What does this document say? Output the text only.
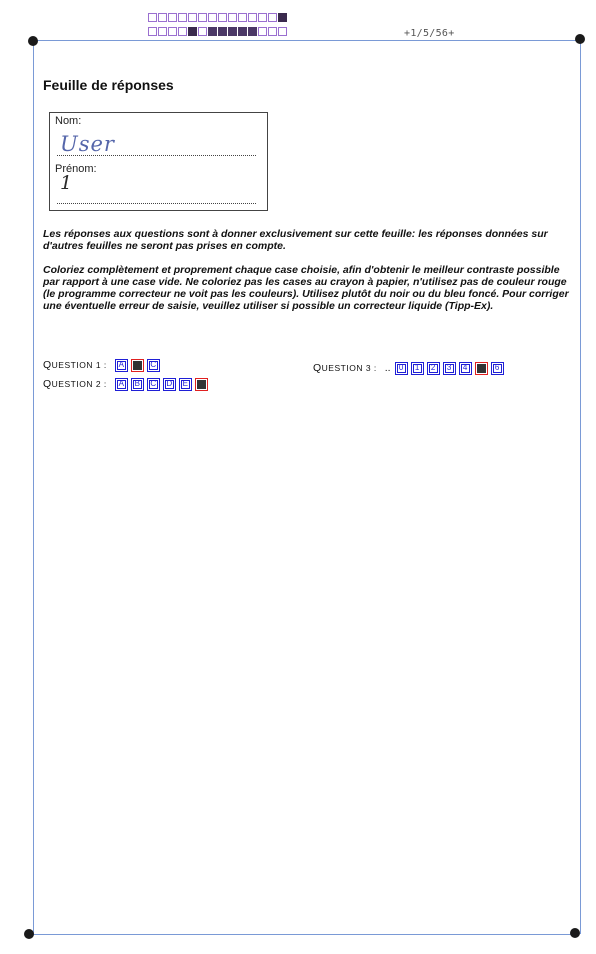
+1/5/56+
Feuille de réponses
Nom:
User
Prénom:
1
Les réponses aux questions sont à donner exclusivement sur cette feuille: les réponses données sur d'autres feuilles ne seront pas prises en compte.
Coloriez complètement et proprement chaque case choisie, afin d'obtenir le meilleur contraste possible par rapport à une case vide. Ne coloriez pas les cases au crayon à papier, n'utilisez pas de couleur rouge (le programme correcteur ne voit pas les couleurs). Utilisez plutôt du noir ou du bleu foncé. Pour corriger une éventuelle erreur de saisie, veuillez utiliser si possible un correcteur liquide (Tipp-Ex).
QUESTION 1 : A B C
QUESTION 2 : A B C D E F
QUESTION 3 : .. 0 1 2 3 4 5 6
